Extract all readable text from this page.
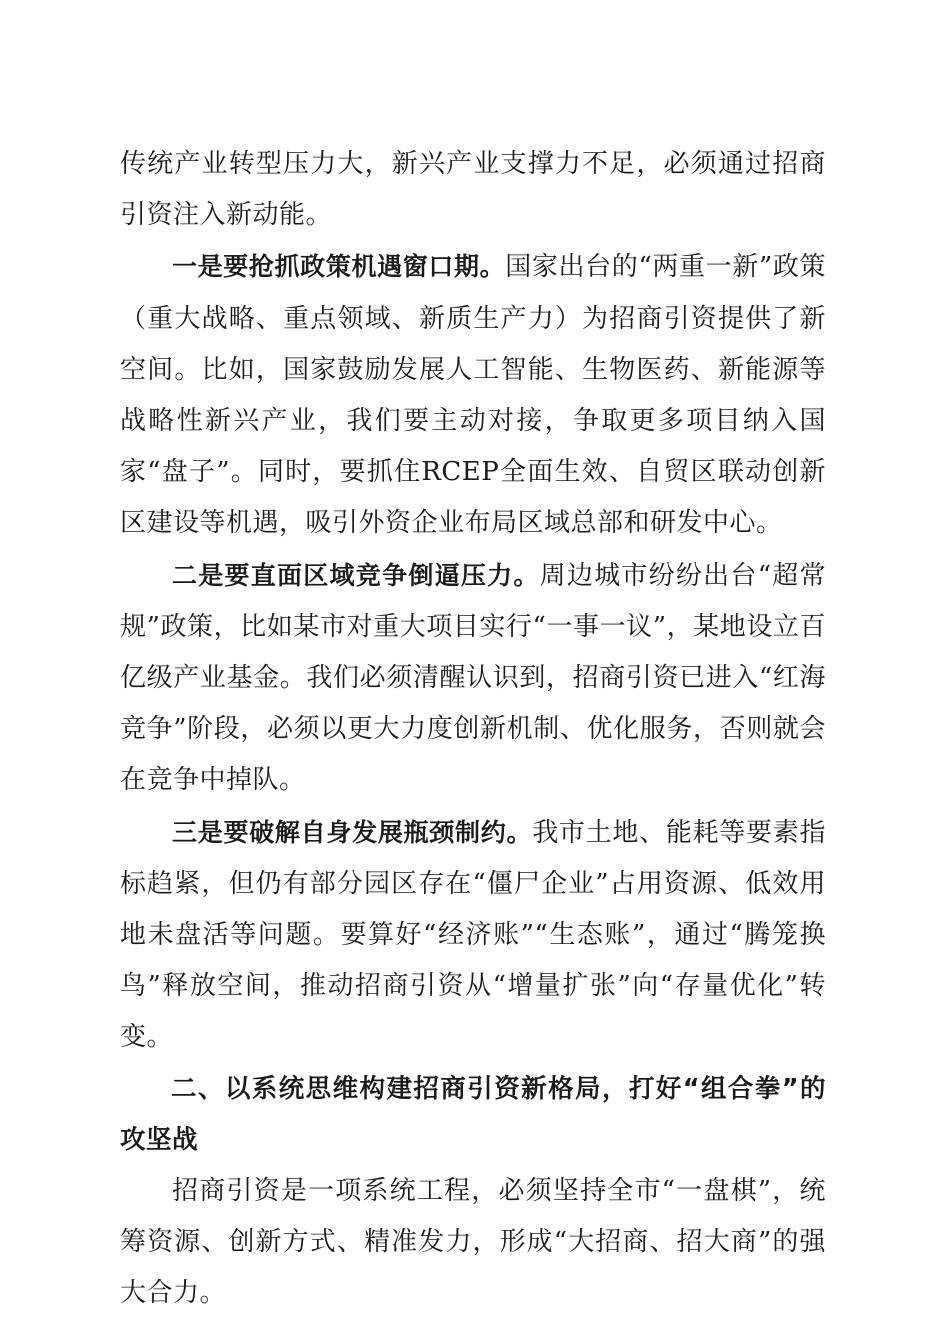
传统产业转型压力大，新兴产业支撑力不足，必须通过招商引资注入新动能。

一是要抢抓政策机遇窗口期。国家出台的“两重一新”政策（重大战略、重点领域、新质生产力）为招商引资提供了新空间。比如，国家鼓励发展人工智能、生物医药、新能源等战略性新兴产业，我们要主动对接，争取更多项目纳入国家“盘子”。同时，要抓住RCEP全面生效、自贸区联动创新区建设等机遇，吸引外资企业布局区域总部和研发中心。

二是要直面区域竞争倒逼压力。周边城市纷纷出台“超常规”政策，比如某市对重大项目实行“一事一议”，某地设立百亿级产业基金。我们必须清醒认识到，招商引资已进入“红海竞争”阶段，必须以更大力度创新机制、优化服务，否则就会在竞争中掉队。

三是要破解自身发展瓶颈制约。我市土地、能耗等要素指标趋紧，但仍有部分园区存在“僵尸企业”占用资源、低效用地未盘活等问题。要算好“经济账”“生态账”，通过“腾笼换鸟”释放空间，推动招商引资从“增量扩张”向“存量优化”转变。

二、以系统思维构建招商引资新格局，打好“组合拳”的攻坚战

招商引资是一项系统工程，必须坚持全市“一盘棋”，统筹资源、创新方式、精准发力，形成“大招商、招大商”的强大合力。
